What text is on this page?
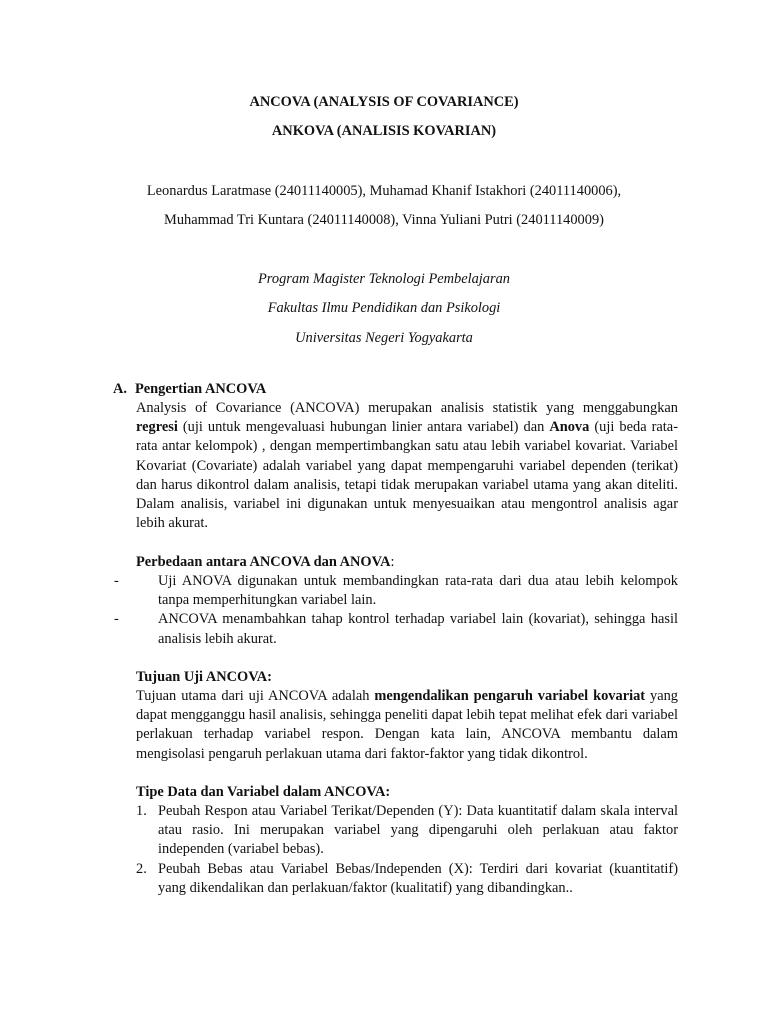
ANCOVA (ANALYSIS OF COVARIANCE)
ANKOVA (ANALISIS KOVARIAN)
Leonardus Laratmase (24011140005), Muhamad Khanif Istakhori (24011140006),
Muhammad Tri Kuntara (24011140008), Vinna Yuliani Putri (24011140009)
Program Magister Teknologi Pembelajaran
Fakultas Ilmu Pendidikan dan Psikologi
Universitas Negeri Yogyakarta
A. Pengertian ANCOVA
Analysis of Covariance (ANCOVA) merupakan analisis statistik yang menggabungkan regresi (uji untuk mengevaluasi hubungan linier antara variabel) dan Anova (uji beda rata-rata antar kelompok) , dengan mempertimbangkan satu atau lebih variabel kovariat. Variabel Kovariat (Covariate) adalah variabel yang dapat mempengaruhi variabel dependen (terikat) dan harus dikontrol dalam analisis, tetapi tidak merupakan variabel utama yang akan diteliti. Dalam analisis, variabel ini digunakan untuk menyesuaikan atau mengontrol analisis agar lebih akurat.
Perbedaan antara ANCOVA dan ANOVA:
-	Uji ANOVA digunakan untuk membandingkan rata-rata dari dua atau lebih kelompok tanpa memperhitungkan variabel lain.

-	ANCOVA menambahkan tahap kontrol terhadap variabel lain (kovariat), sehingga hasil analisis lebih akurat.

Tujuan Uji ANCOVA:
Tujuan utama dari uji ANCOVA adalah mengendalikan pengaruh variabel kovariat yang dapat mengganggu hasil analisis, sehingga peneliti dapat lebih tepat melihat efek dari variabel perlakuan terhadap variabel respon. Dengan kata lain, ANCOVA membantu dalam mengisolasi pengaruh perlakuan utama dari faktor-faktor yang tidak dikontrol.
Tipe Data dan Variabel dalam ANCOVA:
1. Peubah Respon atau Variabel Terikat/Dependen (Y): Data kuantitatif dalam skala interval atau rasio. Ini merupakan variabel yang dipengaruhi oleh perlakuan atau faktor independen (variabel bebas).

2. Peubah Bebas atau Variabel Bebas/Independen (X): Terdiri dari kovariat (kuantitatif) yang dikendalikan dan perlakuan/faktor (kualitatif) yang dibandingkan..
